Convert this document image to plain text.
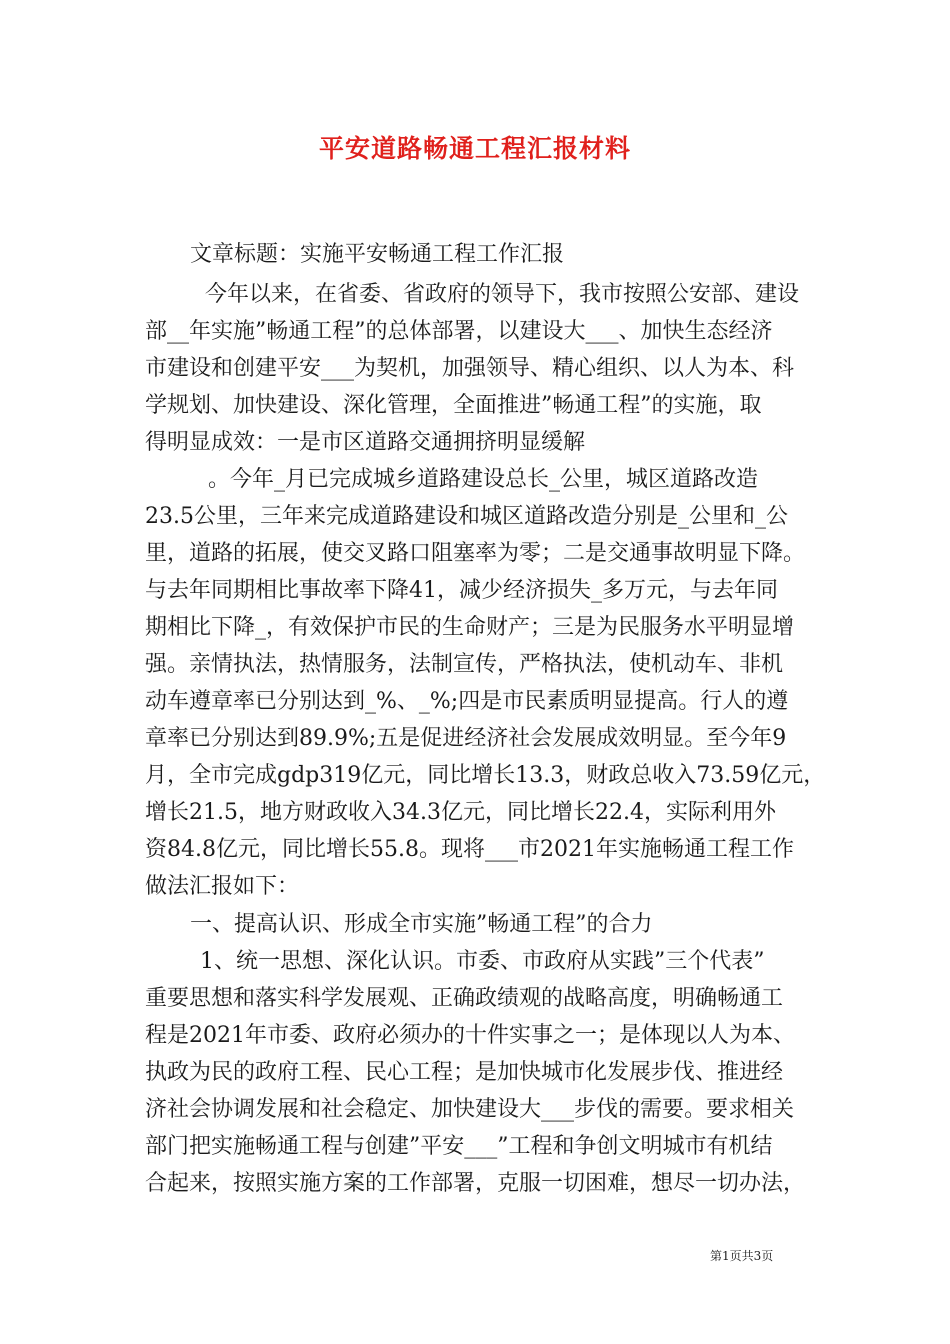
平安道路畅通工程汇报材料

文章标题：实施平安畅通工程工作汇报

今年以来，在省委、省政府的领导下，我市按照公安部、建设

部__年实施”畅通工程”的总体部署，以建设大___、加快生态经济

市建设和创建平安___为契机，加强领导、精心组织、以人为本、科

学规划、加快建设、深化管理，全面推进”畅通工程”的实施，取

得明显成效：一是市区道路交通拥挤明显缓解

。今年_月已完成城乡道路建设总长_公里，城区道路改造

23.5公里，三年来完成道路建设和城区道路改造分别是_公里和_公

里，道路的拓展，使交叉路口阻塞率为零；二是交通事故明显下降。

与去年同期相比事故率下降41，减少经济损失_多万元，与去年同

期相比下降_，有效保护市民的生命财产；三是为民服务水平明显增

强。亲情执法，热情服务，法制宣传，严格执法，使机动车、非机

动车遵章率已分别达到_%、_%;四是市民素质明显提高。行人的遵

章率已分别达到89.9%;五是促进经济社会发展成效明显。至今年9

月，全市完成gdp319亿元，同比增长13.3，财政总收入73.59亿元，

增长21.5，地方财政收入34.3亿元，同比增长22.4，实际利用外

资84.8亿元，同比增长55.8。现将___市2021年实施畅通工程工作

做法汇报如下：

一、提高认识、形成全市实施”畅通工程”的合力

1、统一思想、深化认识。市委、市政府从实践”三个代表”

重要思想和落实科学发展观、正确政绩观的战略高度，明确畅通工

程是2021年市委、政府必须办的十件实事之一；是体现以人为本、

执政为民的政府工程、民心工程；是加快城市化发展步伐、推进经

济社会协调发展和社会稳定、加快建设大___步伐的需要。要求相关

部门把实施畅通工程与创建”平安___”工程和争创文明城市有机结

合起来，按照实施方案的工作部署，克服一切困难，想尽一切办法，

第1页共3页
